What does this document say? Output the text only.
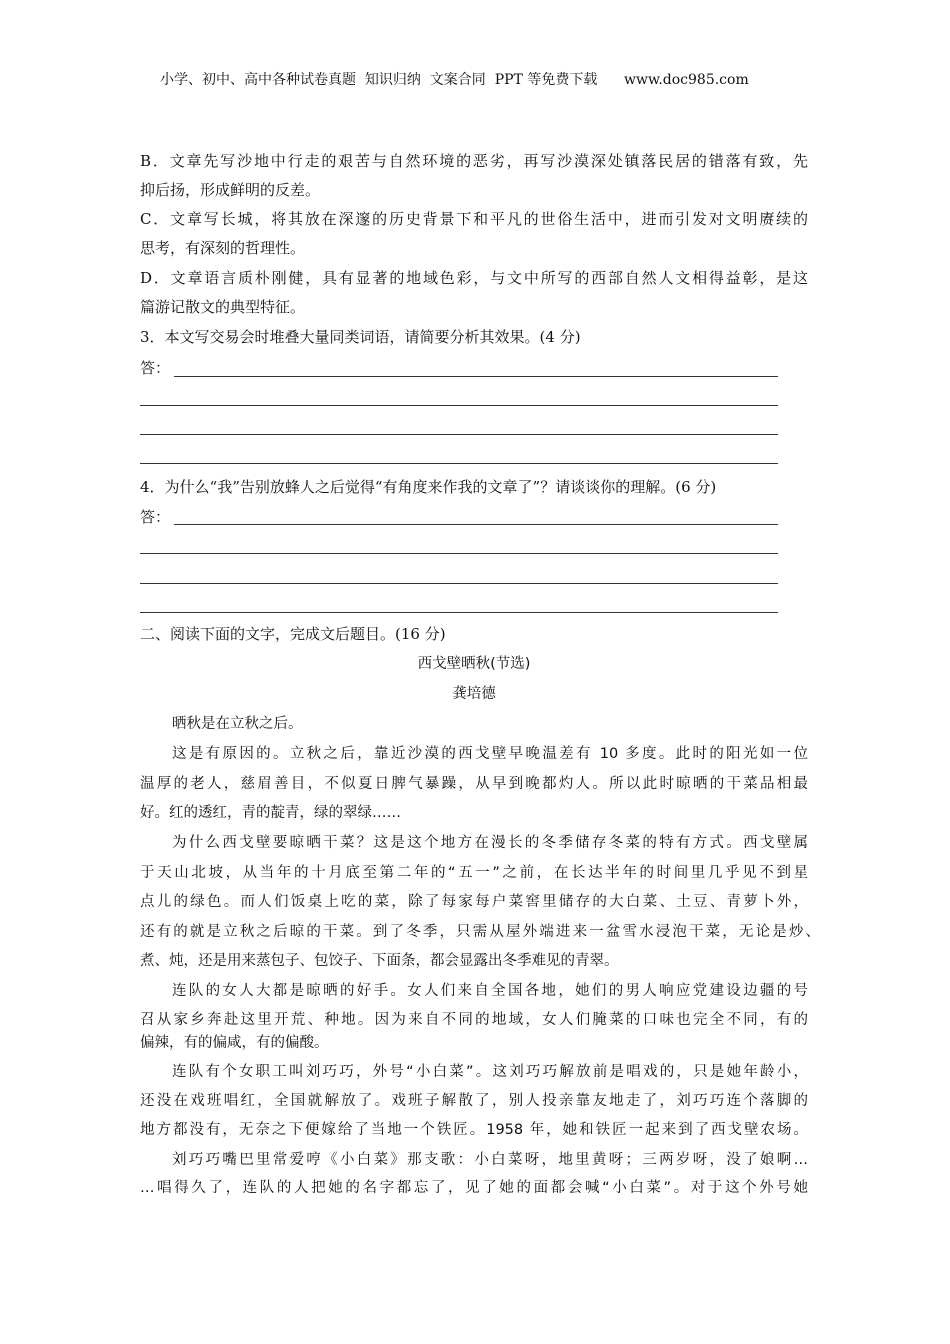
小学、初中、高中各种试卷真题  知识归纳  文案合同  PPT 等免费下载      www.doc985.com
B．文章先写沙地中行走的艰苦与自然环境的恶劣，再写沙漠深处镇落民居的错落有致，先
抑后扬，形成鲜明的反差。
C．文章写长城，将其放在深邃的历史背景下和平凡的世俗生活中，进而引发对文明赓续的
思考，有深刻的哲理性。
D．文章语言质朴刚健，具有显著的地域色彩，与文中所写的西部自然人文相得益彰，是这
篇游记散文的典型特征。
3．本文写交易会时堆叠大量同类词语，请简要分析其效果。(4 分)
答：
4．为什么“我”告别放蜂人之后觉得“有角度来作我的文章了”？请谈谈你的理解。(6 分)
答：
二、阅读下面的文字，完成文后题目。(16 分)
西戈壁晒秋(节选)
龚培德
晒秋是在立秋之后。
这是有原因的。立秋之后，靠近沙漠的西戈壁早晚温差有 10 多度。此时的阳光如一位
温厚的老人，慈眉善目，不似夏日脾气暴躁，从早到晚都灼人。所以此时晾晒的干菜品相最
好。红的透红，青的靛青，绿的翠绿……
为什么西戈壁要晾晒干菜？这是这个地方在漫长的冬季储存冬菜的特有方式。西戈壁属
于天山北坡，从当年的十月底至第二年的“五一”之前，在长达半年的时间里几乎见不到星
点儿的绿色。而人们饭桌上吃的菜，除了每家每户菜窖里储存的大白菜、土豆、青萝卜外，
还有的就是立秋之后晾的干菜。到了冬季，只需从屋外端进来一盆雪水浸泡干菜，无论是炒、
煮、炖，还是用来蒸包子、包饺子、下面条，都会显露出冬季难见的青翠。
连队的女人大都是晾晒的好手。女人们来自全国各地，她们的男人响应党建设边疆的号
召从家乡奔赴这里开荒、种地。因为来自不同的地域，女人们腌菜的口味也完全不同，有的
偏辣，有的偏咸，有的偏酸。
连队有个女职工叫刘巧巧，外号“小白菜”。这刘巧巧解放前是唱戏的，只是她年龄小，
还没在戏班唱红，全国就解放了。戏班子解散了，别人投亲靠友地走了，刘巧巧连个落脚的
地方都没有，无奈之下便嫁给了当地一个铁匠。1958 年，她和铁匠一起来到了西戈壁农场。
刘巧巧嘴巴里常爱哼《小白菜》那支歌：小白菜呀，地里黄呀；三两岁呀，没了娘啊…
…唱得久了，连队的人把她的名字都忘了，见了她的面都会喊“小白菜”。对于这个外号她
